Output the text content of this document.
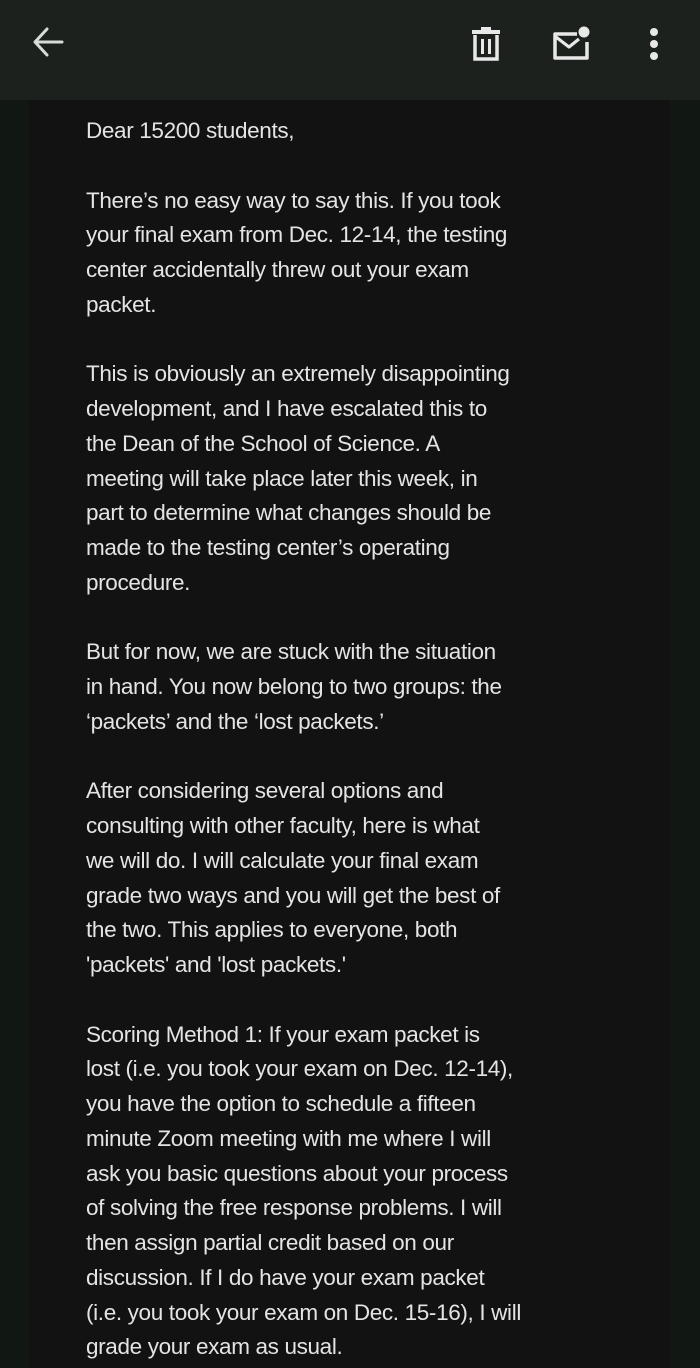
Dear 15200 students,
There’s no easy way to say this. If you took
your final exam from Dec. 12-14, the testing
center accidentally threw out your exam
packet.
This is obviously an extremely disappointing
development, and I have escalated this to
the Dean of the School of Science. A
meeting will take place later this week, in
part to determine what changes should be
made to the testing center’s operating
procedure.
But for now, we are stuck with the situation
in hand. You now belong to two groups: the
‘packets’ and the ‘lost packets.’
After considering several options and
consulting with other faculty, here is what
we will do. I will calculate your final exam
grade two ways and you will get the best of
the two. This applies to everyone, both
'packets' and 'lost packets.'
Scoring Method 1: If your exam packet is
lost (i.e. you took your exam on Dec. 12-14),
you have the option to schedule a fifteen
minute Zoom meeting with me where I will
ask you basic questions about your process
of solving the free response problems. I will
then assign partial credit based on our
discussion. If I do have your exam packet
(i.e. you took your exam on Dec. 15-16), I will
grade your exam as usual.
